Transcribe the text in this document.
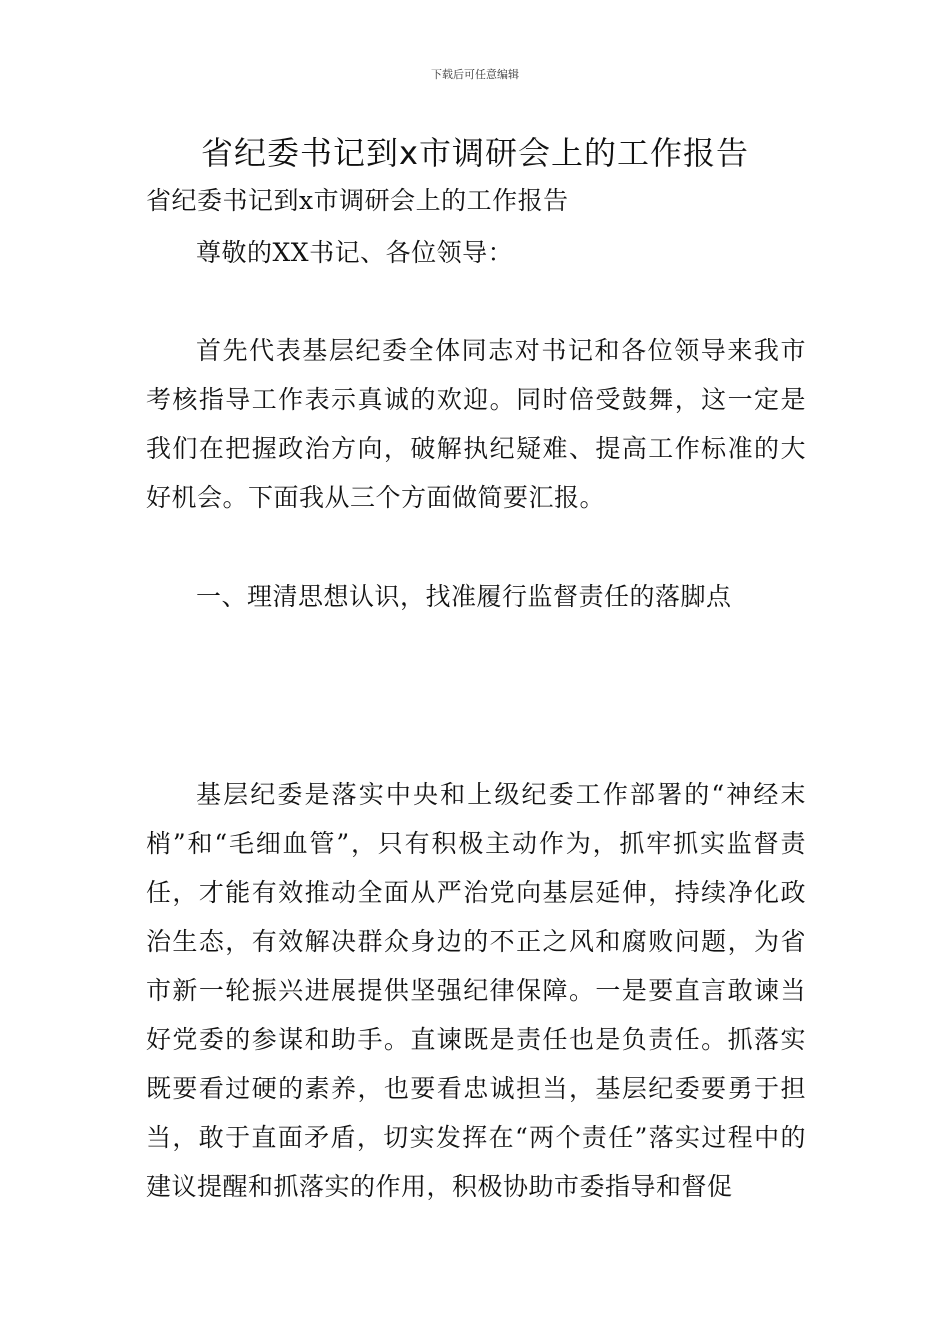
下载后可任意编辑
省纪委书记到x市调研会上的工作报告

省纪委书记到x市调研会上的工作报告

尊敬的XX书记、各位领导：

首先代表基层纪委全体同志对书记和各位领导来我市考核指导工作表示真诚的欢迎。同时倍受鼓舞，这一定是我们在把握政治方向，破解执纪疑难、提高工作标准的大好机会。下面我从三个方面做简要汇报。

一、理清思想认识，找准履行监督责任的落脚点

基层纪委是落实中央和上级纪委工作部署的“神经末梢”和“毛细血管”，只有积极主动作为，抓牢抓实监督责任，才能有效推动全面从严治党向基层延伸，持续净化政治生态，有效解决群众身边的不正之风和腐败问题，为省市新一轮振兴进展提供坚强纪律保障。一是要直言敢谏当好党委的参谋和助手。直谏既是责任也是负责任。抓落实既要看过硬的素养，也要看忠诚担当，基层纪委要勇于担当，敢于直面矛盾，切实发挥在“两个责任”落实过程中的建议提醒和抓落实的作用，积极协助市委指导和督促
